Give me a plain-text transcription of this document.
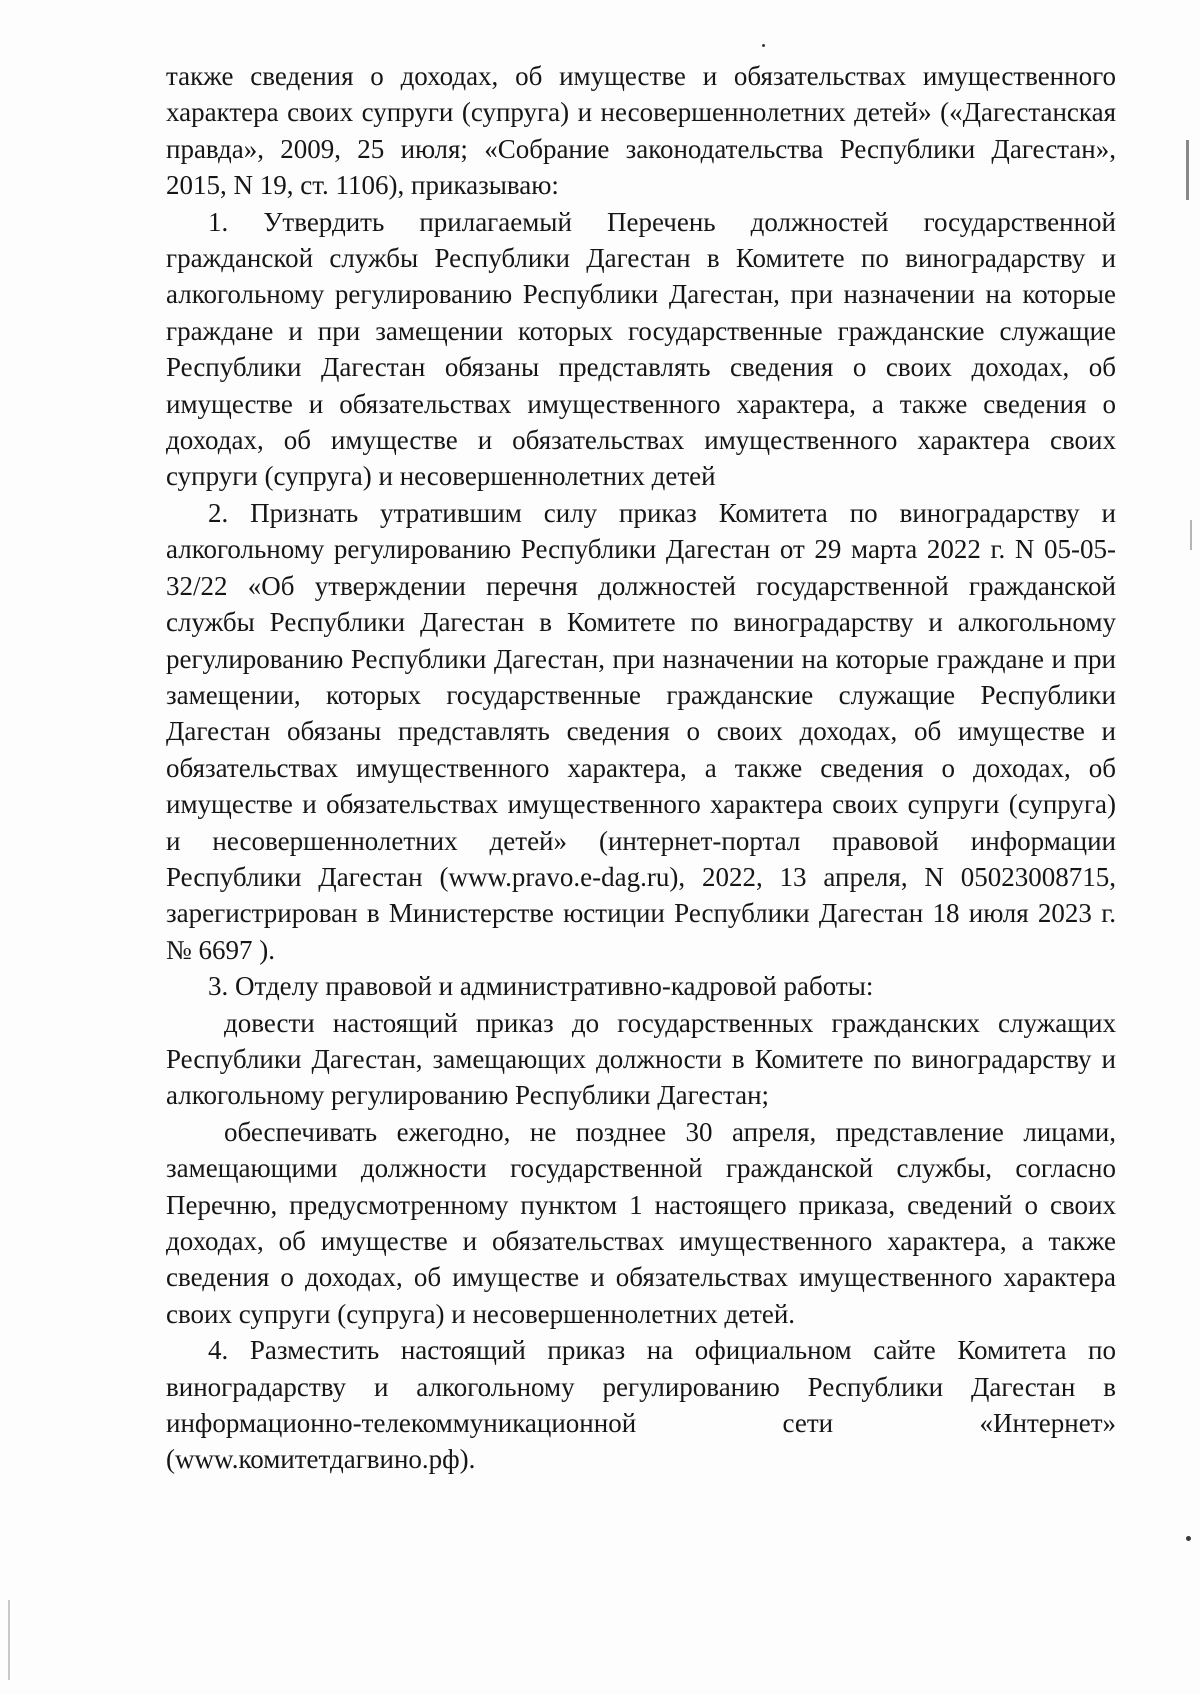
также сведения о доходах, об имуществе и обязательствах имущественного характера своих супруги (супруга) и несовершеннолетних детей» («Дагестанская правда», 2009, 25 июля; «Собрание законодательства Республики Дагестан», 2015, N 19, ст. 1106), приказываю:

1. Утвердить прилагаемый Перечень должностей государственной гражданской службы Республики Дагестан в Комитете по виноградарству и алкогольному регулированию Республики Дагестан, при назначении на которые граждане и при замещении которых государственные гражданские служащие Республики Дагестан обязаны представлять сведения о своих доходах, об имуществе и обязательствах имущественного характера, а также сведения о доходах, об имуществе и обязательствах имущественного характера своих супруги (супруга) и несовершеннолетних детей

2. Признать утратившим силу приказ Комитета по виноградарству и алкогольному регулированию Республики Дагестан от 29 марта 2022 г. N 05-05-32/22 «Об утверждении перечня должностей государственной гражданской службы Республики Дагестан в Комитете по виноградарству и алкогольному регулированию Республики Дагестан, при назначении на которые граждане и при замещении, которых государственные гражданские служащие Республики Дагестан обязаны представлять сведения о своих доходах, об имуществе и обязательствах имущественного характера, а также сведения о доходах, об имуществе и обязательствах имущественного характера своих супруги (супруга) и несовершеннолетних детей» (интернет-портал правовой информации Республики Дагестан (www.pravo.e-dag.ru), 2022, 13 апреля, N 05023008715, зарегистрирован в Министерстве юстиции Республики Дагестан 18 июля 2023 г. № 6697 ).

3. Отделу правовой и административно-кадровой работы:

довести настоящий приказ до государственных гражданских служащих Республики Дагестан, замещающих должности в Комитете по виноградарству и алкогольному регулированию Республики Дагестан;

обеспечивать ежегодно, не позднее 30 апреля, представление лицами, замещающими должности государственной гражданской службы, согласно Перечню, предусмотренному пунктом 1 настоящего приказа, сведений о своих доходах, об имуществе и обязательствах имущественного характера, а также сведения о доходах, об имуществе и обязательствах имущественного характера своих супруги (супруга) и несовершеннолетних детей.

4. Разместить настоящий приказ на официальном сайте Комитета по виноградарству и алкогольному регулированию Республики Дагестан в информационно-телекоммуникационной сети «Интернет»

(www.комитетдагвино.рф).
